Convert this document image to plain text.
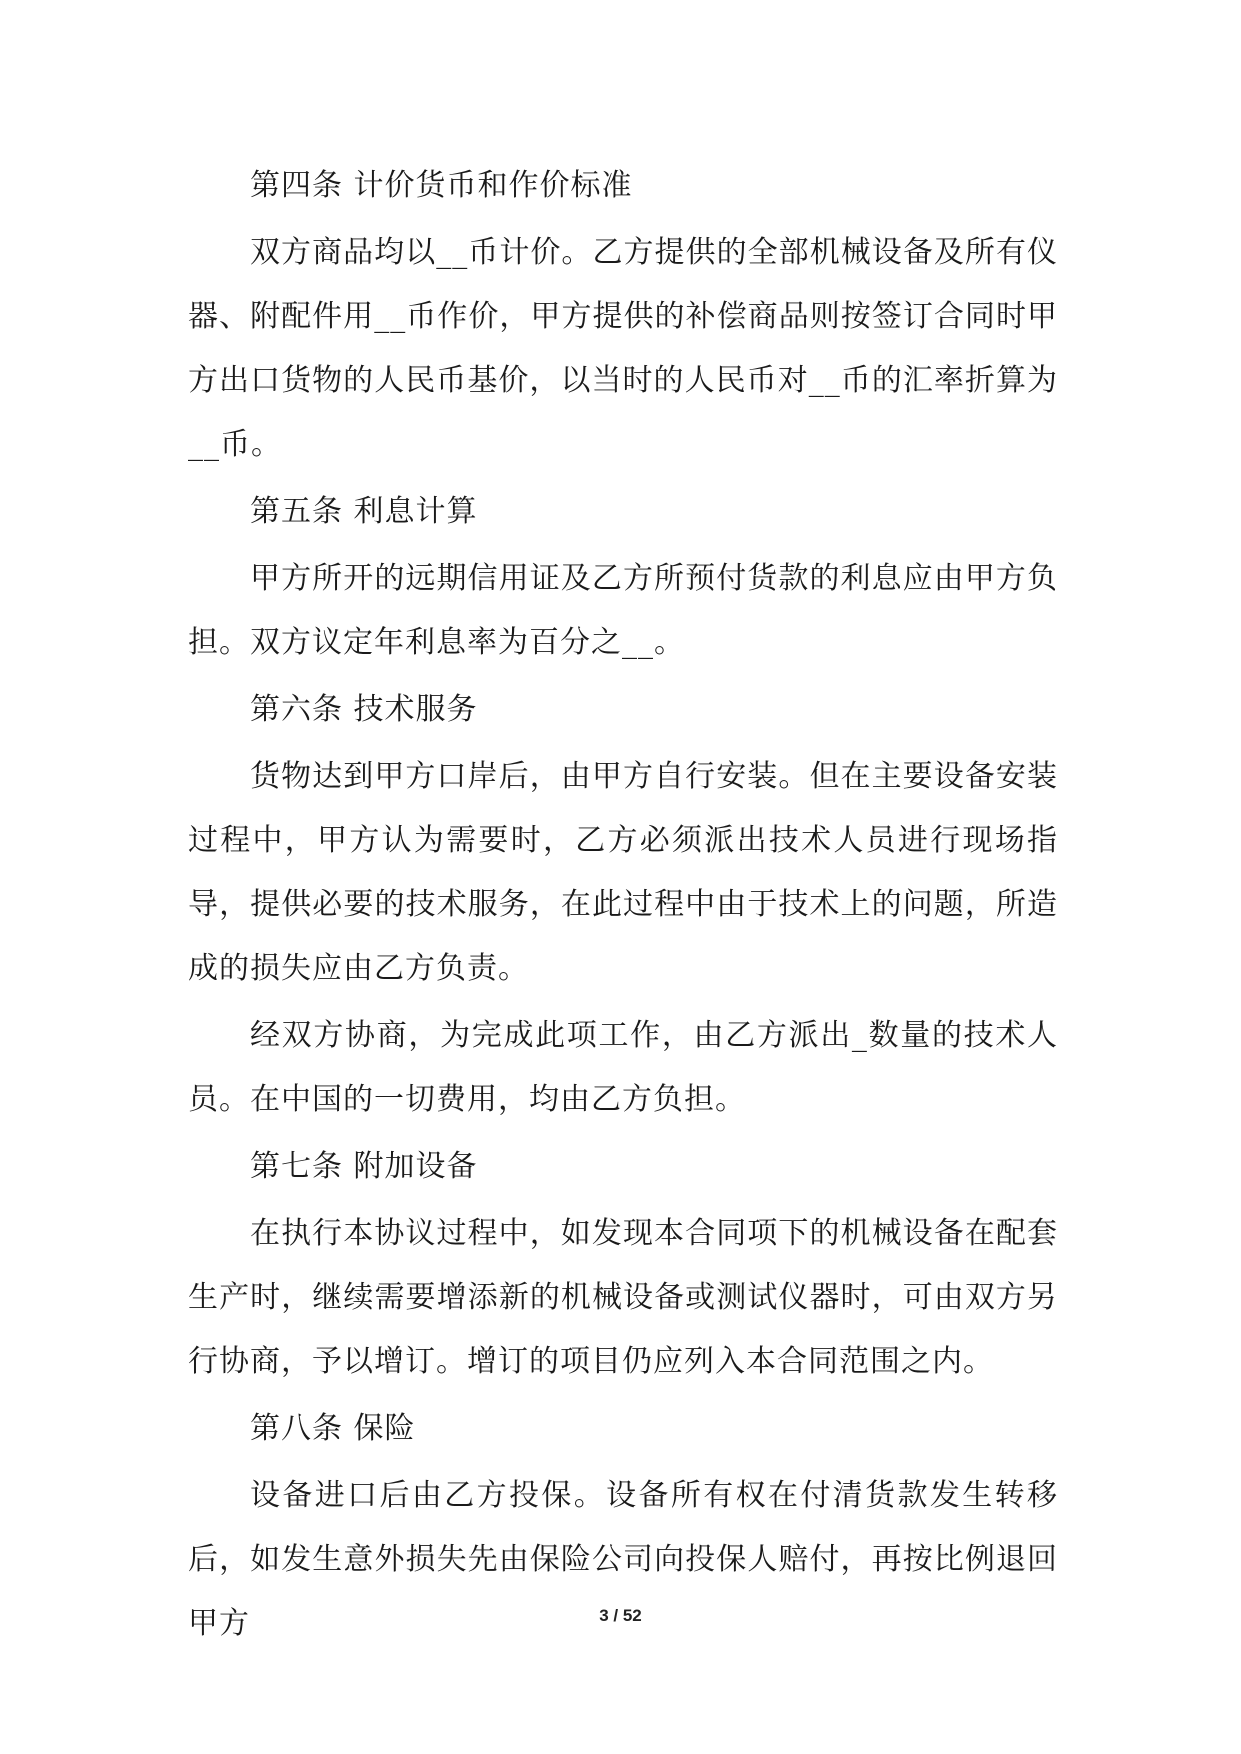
第四条 计价货币和作价标准

双方商品均以__币计价。乙方提供的全部机械设备及所有仪器、附配件用__币作价，甲方提供的补偿商品则按签订合同时甲方出口货物的人民币基价，以当时的人民币对__币的汇率折算为__币。

第五条 利息计算

甲方所开的远期信用证及乙方所预付货款的利息应由甲方负担。双方议定年利息率为百分之__。

第六条 技术服务

货物达到甲方口岸后，由甲方自行安装。但在主要设备安装过程中，甲方认为需要时，乙方必须派出技术人员进行现场指导，提供必要的技术服务，在此过程中由于技术上的问题，所造成的损失应由乙方负责。

经双方协商，为完成此项工作，由乙方派出_数量的技术人员。在中国的一切费用，均由乙方负担。

第七条 附加设备

在执行本协议过程中，如发现本合同项下的机械设备在配套生产时，继续需要增添新的机械设备或测试仪器时，可由双方另行协商，予以增订。增订的项目仍应列入本合同范围之内。

第八条 保险

设备进口后由乙方投保。设备所有权在付清货款发生转移后，如发生意外损失先由保险公司向投保人赔付，再按比例退回甲方	3 / 52
